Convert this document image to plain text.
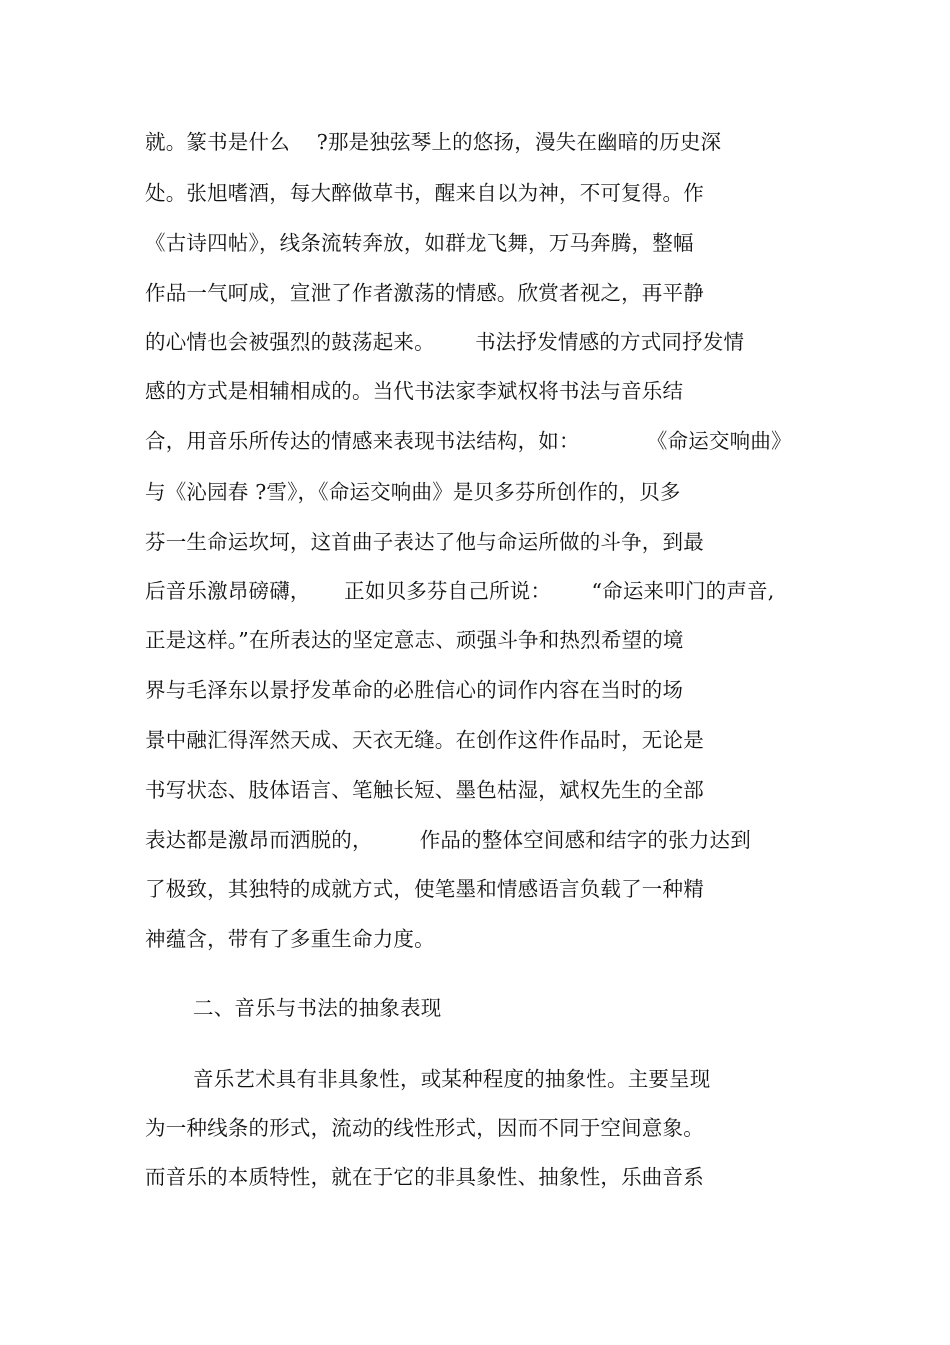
就。篆书是什么    ?那是独弦琴上的悠扬，漫失在幽暗的历史深
处。张旭嗜酒，每大醉做草书，醒来自以为神，不可复得。作
《古诗四帖》，线条流转奔放，如群龙飞舞，万马奔腾，整幅
作品一气呵成，宣泄了作者激荡的情感。欣赏者视之，再平静
的心情也会被强烈的鼓荡起来。      书法抒发情感的方式同抒发情
感的方式是相辅相成的。当代书法家李斌权将书法与音乐结
合，用音乐所传达的情感来表现书法结构，如：          《命运交响曲》
与《沁园春 ?雪》，《命运交响曲》是贝多芬所创作的，贝多
芬一生命运坎坷，这首曲子表达了他与命运所做的斗争，到最
后音乐激昂磅礴，     正如贝多芬自己所说：      “命运来叩门的声音,
正是这样。”在所表达的坚定意志、顽强斗争和热烈希望的境
界与毛泽东以景抒发革命的必胜信心的词作内容在当时的场
景中融汇得浑然天成、天衣无缝。在创作这件作品时，无论是
书写状态、肢体语言、笔触长短、墨色枯湿，斌权先生的全部
表达都是激昂而洒脱的，       作品的整体空间感和结字的张力达到
了极致，其独特的成就方式，使笔墨和情感语言负载了一种精
神蕴含，带有了多重生命力度。
二、音乐与书法的抽象表现
音乐艺术具有非具象性，或某种程度的抽象性。主要呈现
为一种线条的形式，流动的线性形式，因而不同于空间意象。
而音乐的本质特性，就在于它的非具象性、抽象性，乐曲音系
